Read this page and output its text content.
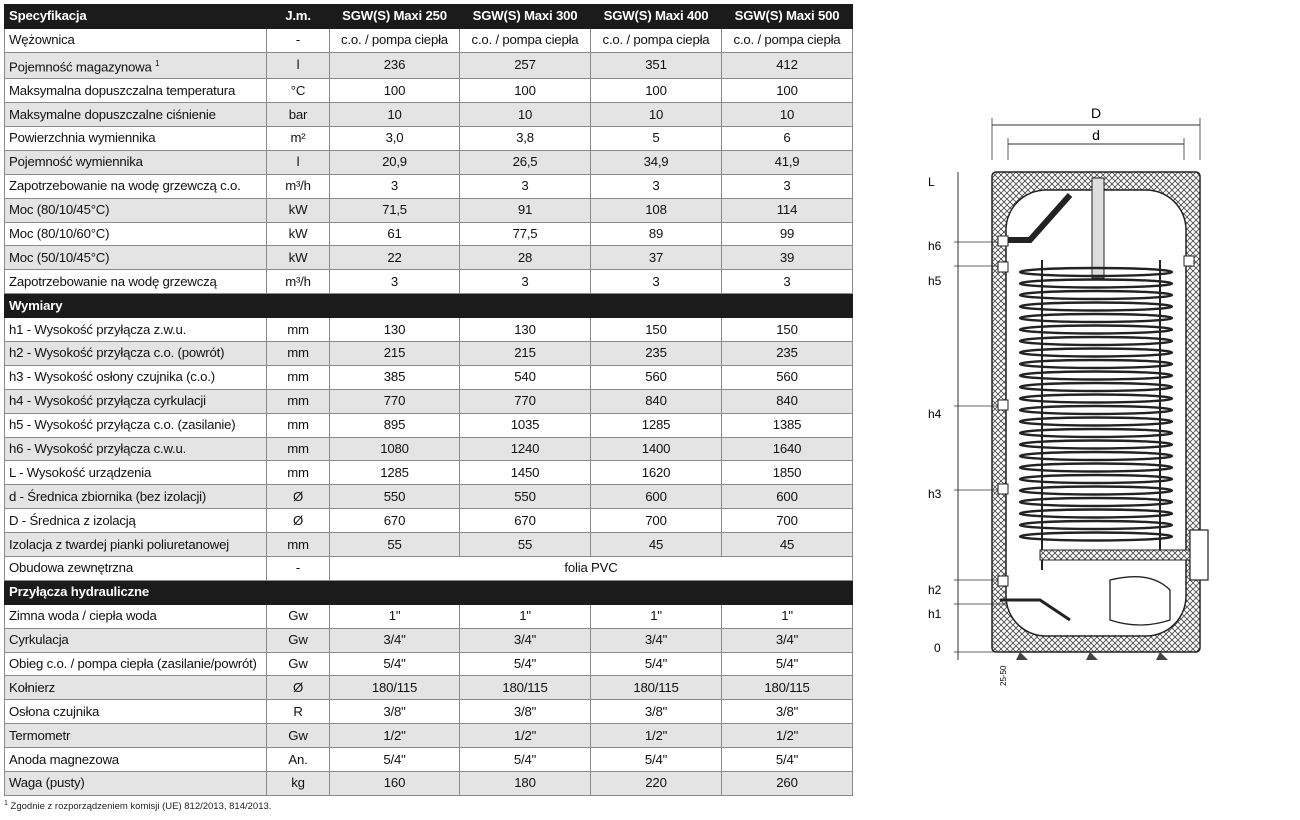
Specyfikacja	J.m.	SGW(S) Maxi 250	SGW(S) Maxi 300	SGW(S) Maxi 400	SGW(S) Maxi 500
Wężownica	-	c.o. / pompa ciepła	c.o. / pompa ciepła	c.o. / pompa ciepła	c.o. / pompa ciepła
Pojemność magazynowa $^1$	l	236	257	351	412
Maksymalna dopuszczalna temperatura	°C	100	100	100	100
Maksymalne dopuszczalne ciśnienie	bar	10	10	10	10
Powierzchnia wymiennika	m²	3,0	3,8	5	6
Pojemność wymiennika	l	20,9	26,5	34,9	41,9
Zapotrzebowanie na wodę grzewczą c.o.	m³/h	3	3	3	3
Moc (80/10/45°C)	kW	71,5	91	108	114
Moc (80/10/60°C)	kW	61	77,5	89	99
Moc (50/10/45°C)	kW	22	28	37	39
Zapotrzebowanie na wodę grzewczą	m³/h	3	3	3	3
Wymiary					
h1 - Wysokość przyłącza z.w.u.	mm	130	130	150	150
h2 - Wysokość przyłącza c.o. (powrót)	mm	215	215	235	235
h3 - Wysokość osłony czujnika (c.o.)	mm	385	540	560	560
h4 - Wysokość przyłącza cyrkulacji	mm	770	770	840	840
h5 - Wysokość przyłącza c.o. (zasilanie)	mm	895	1035	1285	1385
h6 - Wysokość przyłącza c.w.u.	mm	1080	1240	1400	1640
L - Wysokość urządzenia	mm	1285	1450	1620	1850
d - Średnica zbiornika (bez izolacji)	Ø	550	550	600	600
D - Średnica z izolacją	Ø	670	670	700	700
Izolacja z twardej pianki poliuretanowej	mm	55	55	45	45
Obudowa zewnętrzna	-	folia PVC			
Przyłącza hydrauliczne					
Zimna woda / ciepła woda	Gw	1"	1"	1"	1"
Cyrkulacja	Gw	3/4"	3/4"	3/4"	3/4"
Obieg c.o. / pompa ciepła (zasilanie/powrót)	Gw	5/4"	5/4"	5/4"	5/4"
Kołnierz	Ø	180/115	180/115	180/115	180/115
Osłona czujnika	R	3/8"	3/8"	3/8"	3/8"
Termometr	Gw	1/2"	1/2"	1/2"	1/2"
Anoda magnezowa	An.	5/4"	5/4"	5/4"	5/4"
Waga (pusty)	kg	160	180	220	260
$^1$ Zgodnie z rozporządzeniem komisji (UE) 812/2013, 814/2013.
D
d
L
h6
h5
h4
h3
h2
h1
0
25-50
